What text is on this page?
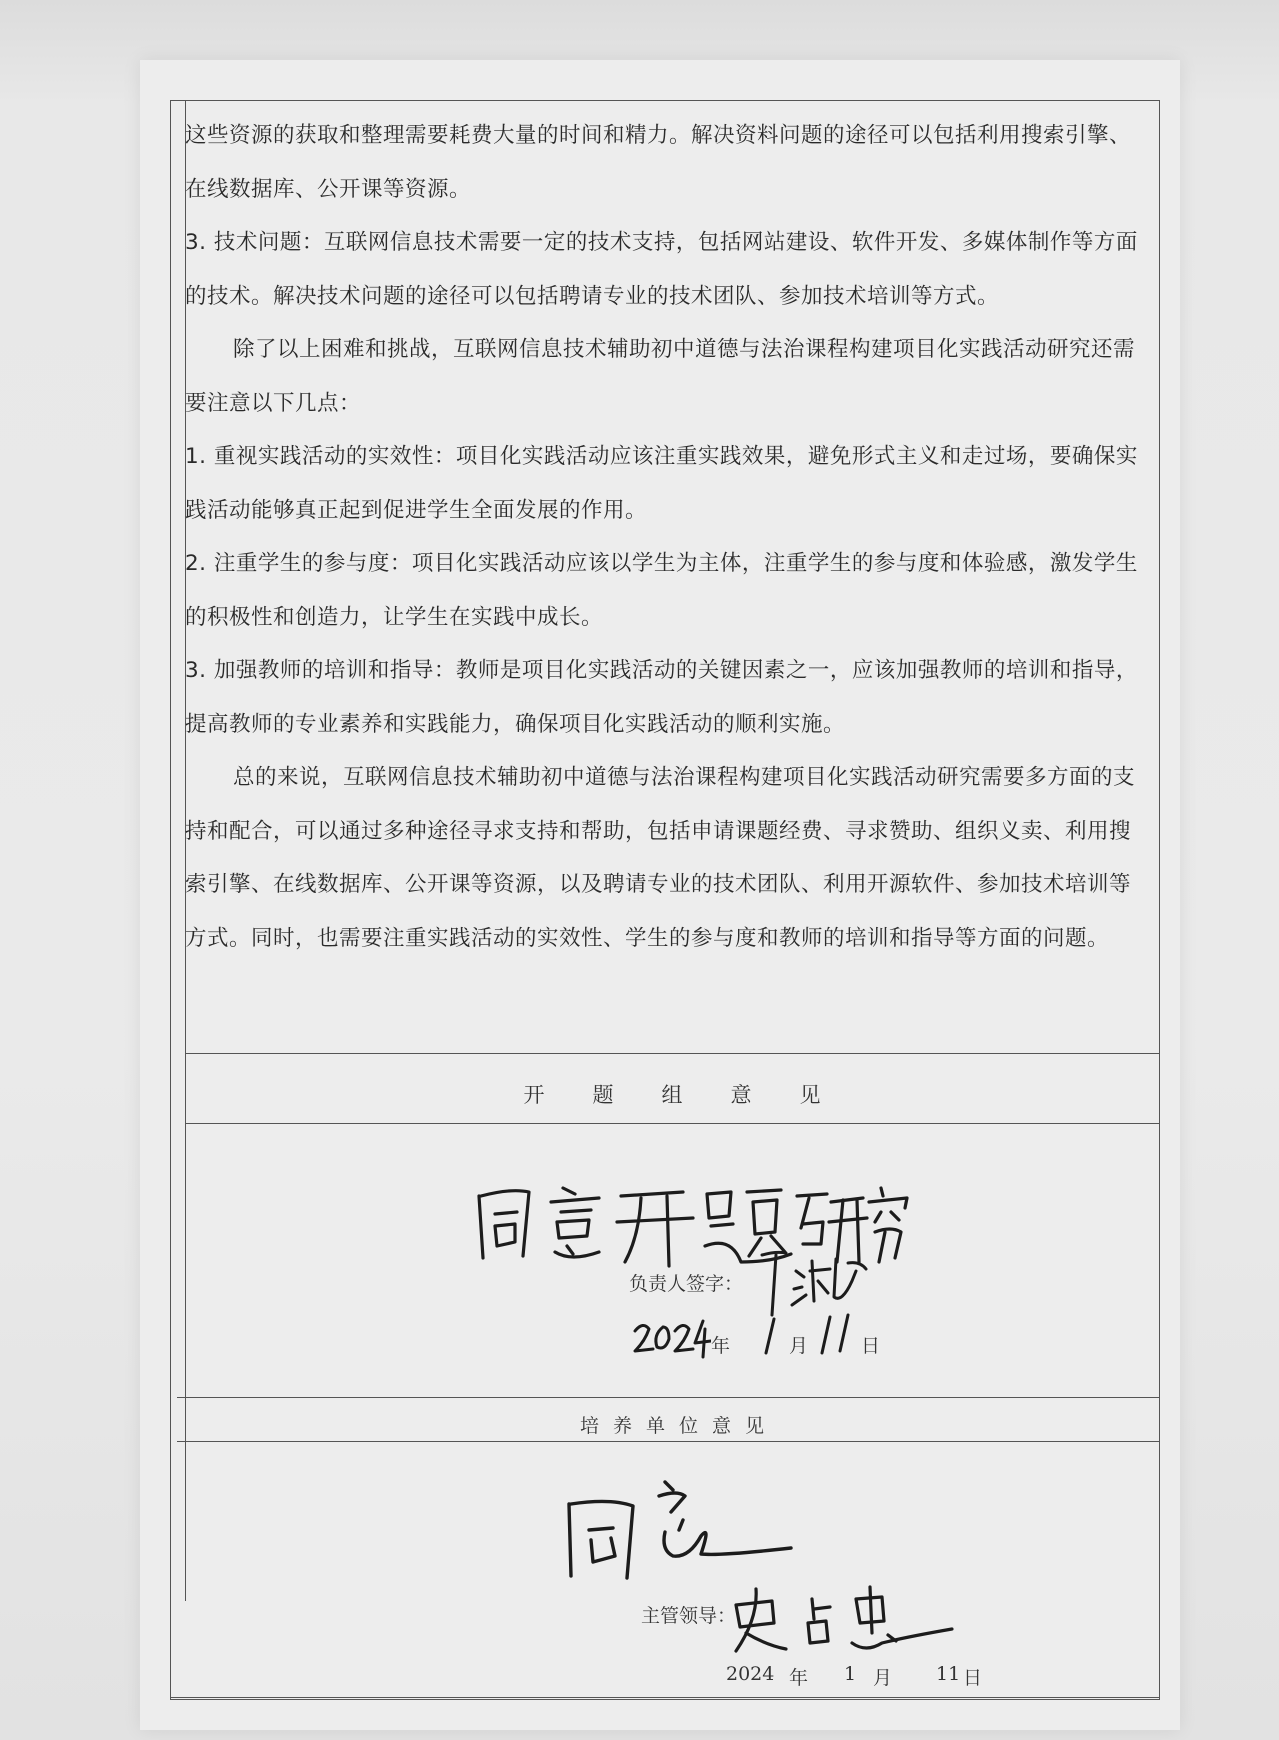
这些资源的获取和整理需要耗费大量的时间和精力。解决资料问题的途径可以包括利用搜索引擎、在线数据库、公开课等资源。

3. 技术问题：互联网信息技术需要一定的技术支持，包括网站建设、软件开发、多媒体制作等方面的技术。解决技术问题的途径可以包括聘请专业的技术团队、参加技术培训等方式。

除了以上困难和挑战，互联网信息技术辅助初中道德与法治课程构建项目化实践活动研究还需要注意以下几点：

1. 重视实践活动的实效性：项目化实践活动应该注重实践效果，避免形式主义和走过场，要确保实践活动能够真正起到促进学生全面发展的作用。

2. 注重学生的参与度：项目化实践活动应该以学生为主体，注重学生的参与度和体验感，激发学生的积极性和创造力，让学生在实践中成长。

3. 加强教师的培训和指导：教师是项目化实践活动的关键因素之一，应该加强教师的培训和指导，提高教师的专业素养和实践能力，确保项目化实践活动的顺利实施。

总的来说，互联网信息技术辅助初中道德与法治课程构建项目化实践活动研究需要多方面的支持和配合，可以通过多种途径寻求支持和帮助，包括申请课题经费、寻求赞助、组织义卖、利用搜索引擎、在线数据库、公开课等资源，以及聘请专业的技术团队、利用开源软件、参加技术培训等方式。同时，也需要注重实践活动的实效性、学生的参与度和教师的培训和指导等方面的问题。

开题组意见
负责人签字：
年	月	日
培养单位意见
主管领导：
2024 年 1 月 11 日
